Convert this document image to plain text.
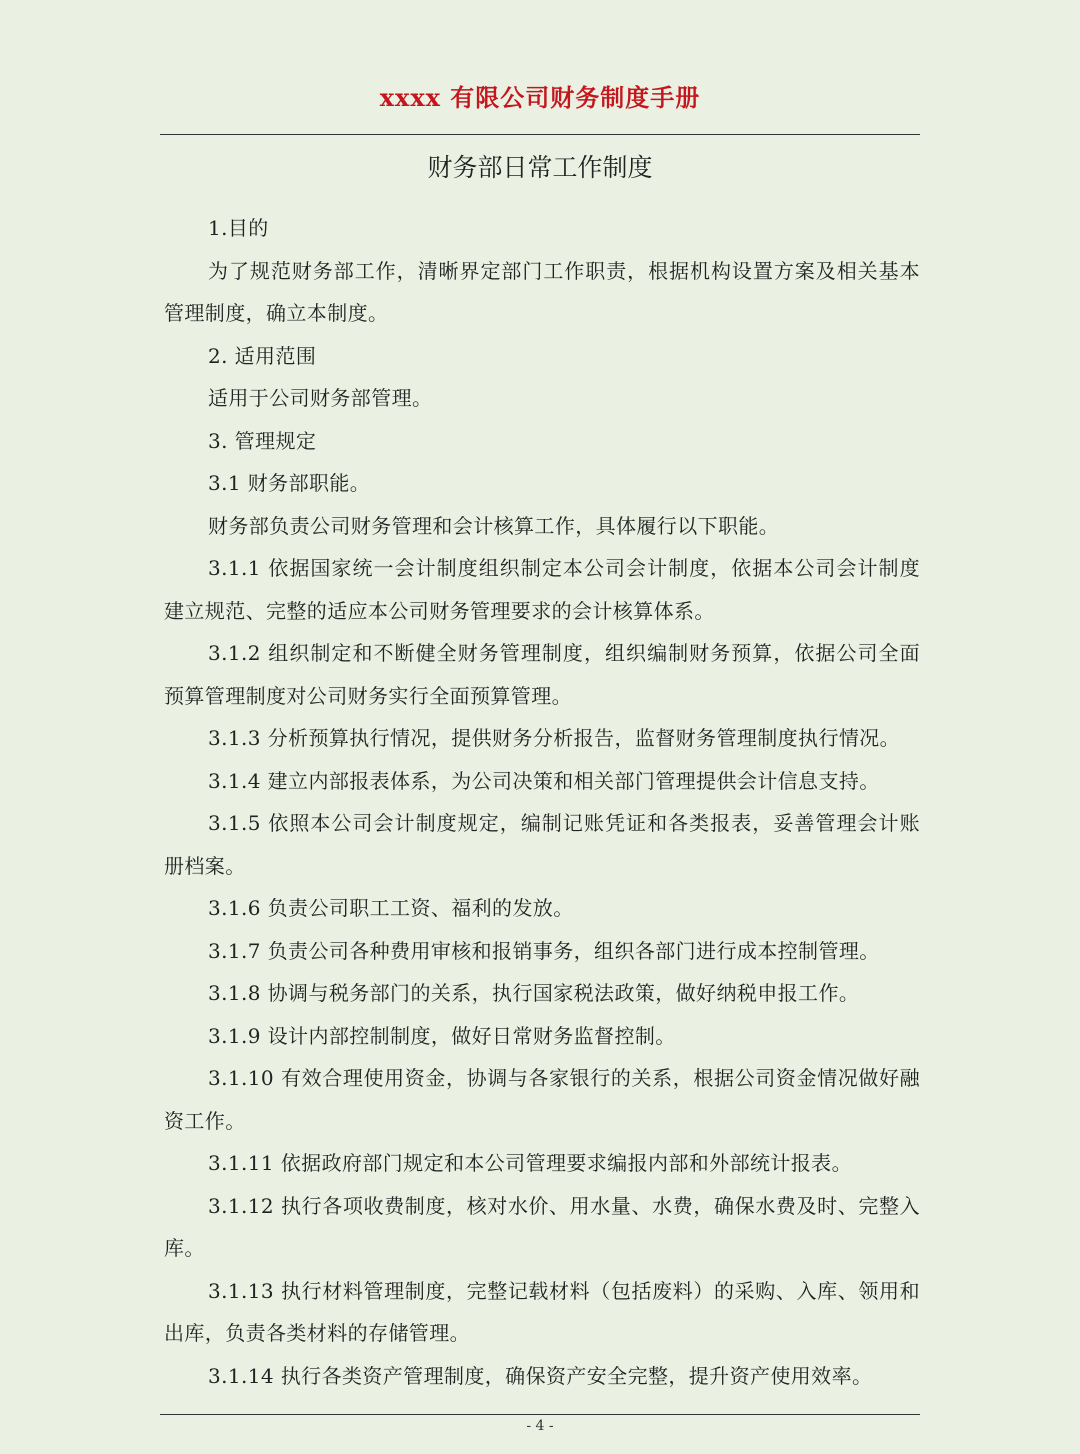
xxxx 有限公司财务制度手册
财务部日常工作制度

1.目的

为了规范财务部工作，清晰界定部门工作职责，根据机构设置方案及相关基本管理制度，确立本制度。

2. 适用范围

适用于公司财务部管理。

3. 管理规定

3.1 财务部职能。

财务部负责公司财务管理和会计核算工作，具体履行以下职能。

3.1.1 依据国家统一会计制度组织制定本公司会计制度，依据本公司会计制度建立规范、完整的适应本公司财务管理要求的会计核算体系。

3.1.2 组织制定和不断健全财务管理制度，组织编制财务预算，依据公司全面预算管理制度对公司财务实行全面预算管理。

3.1.3 分析预算执行情况，提供财务分析报告，监督财务管理制度执行情况。

3.1.4 建立内部报表体系，为公司决策和相关部门管理提供会计信息支持。

3.1.5 依照本公司会计制度规定，编制记账凭证和各类报表，妥善管理会计账册档案。

3.1.6 负责公司职工工资、福利的发放。

3.1.7 负责公司各种费用审核和报销事务，组织各部门进行成本控制管理。

3.1.8 协调与税务部门的关系，执行国家税法政策，做好纳税申报工作。

3.1.9 设计内部控制制度，做好日常财务监督控制。

3.1.10 有效合理使用资金，协调与各家银行的关系，根据公司资金情况做好融资工作。

3.1.11 依据政府部门规定和本公司管理要求编报内部和外部统计报表。

3.1.12 执行各项收费制度，核对水价、用水量、水费，确保水费及时、完整入库。

3.1.13 执行材料管理制度，完整记载材料（包括废料）的采购、入库、领用和出库，负责各类材料的存储管理。

3.1.14 执行各类资产管理制度，确保资产安全完整，提升资产使用效率。

- 4 -
